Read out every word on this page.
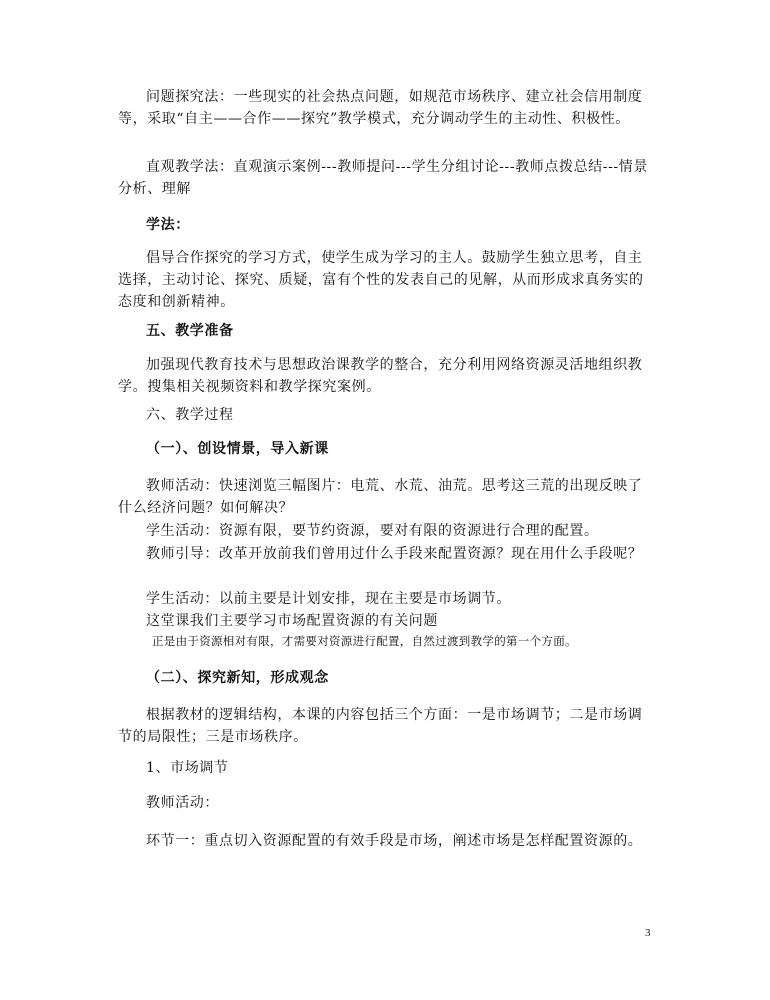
问题探究法：一些现实的社会热点问题，如规范市场秩序、建立社会信用制度等，采取“自主——合作——探究”教学模式，充分调动学生的主动性、积极性。

直观教学法：直观演示案例---教师提问---学生分组讨论---教师点拨总结---情景分析、理解

学法：

倡导合作探究的学习方式，使学生成为学习的主人。鼓励学生独立思考，自主选择，主动讨论、探究、质疑，富有个性的发表自己的见解，从而形成求真务实的态度和创新精神。

五、教学准备

加强现代教育技术与思想政治课教学的整合，充分利用网络资源灵活地组织教学。搜集相关视频资料和教学探究案例。

六、教学过程
（一）、创设情景，导入新课

教师活动：快速浏览三幅图片：电荒、水荒、油荒。思考这三荒的出现反映了什么经济问题？如何解决？

学生活动：资源有限，要节约资源，要对有限的资源进行合理的配置。

教师引导：改革开放前我们曾用过什么手段来配置资源？现在用什么手段呢？

学生活动：以前主要是计划安排，现在主要是市场调节。
这堂课我们主要学习市场配置资源的有关问题
正是由于资源相对有限，才需要对资源进行配置，自然过渡到教学的第一个方面。
（二）、探究新知，形成观念

根据教材的逻辑结构，本课的内容包括三个方面：一是市场调节；二是市场调节的局限性；三是市场秩序。

1、市场调节
教师活动：

环节一：重点切入资源配置的有效手段是市场，阐述市场是怎样配置资源的。

3
